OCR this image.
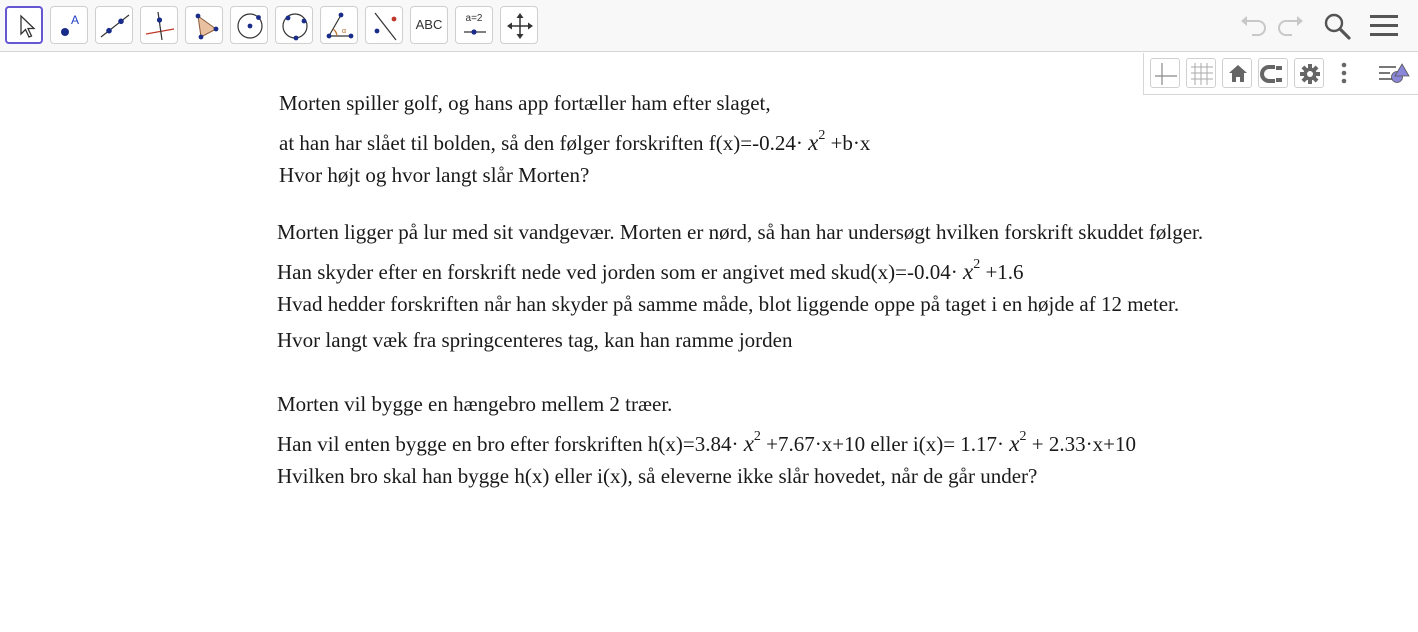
A
α	ABC	a=2
Morten spiller golf, og hans app fortæller ham efter slaget,
at han har slået til bolden, så den følger forskriften $f(x)=-0.24\cdot x^2 +b\cdot x$
Hvor højt og hvor langt slår Morten?
Morten ligger på lur med sit vandgevær. Morten er nørd, så han har undersøgt hvilken forskrift skuddet følger.
Han skyder efter en forskrift nede ved jorden som er angivet med skud(x)=-0.04· $x^2 +1.6$
Hvad hedder forskriften når han skyder på samme måde, blot liggende oppe på taget i en højde af 12 meter.
Hvor langt væk fra springcenteres tag, kan han ramme jorden
Morten vil bygge en hængebro mellem 2 træer.
Han vil enten bygge en bro efter forskriften $h(x)=3.84\cdot x^2 +7.67\cdot x+10$ eller $i(x)= 1.17\cdot x^2 + 2.33\cdot x+10$
Hvilken bro skal han bygge h(x) eller i(x), så eleverne ikke slår hovedet, når de går under?
